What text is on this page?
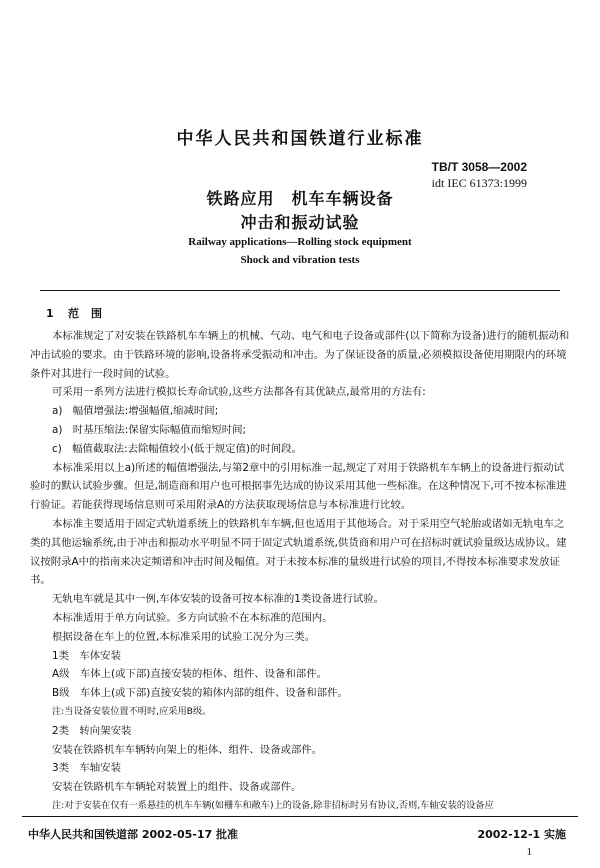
中华人民共和国铁道行业标准
TB/T 3058—2002
idt IEC 61373:1999
铁路应用　机车车辆设备
冲击和振动试验
Railway applications—Rolling stock equipment
Shock and vibration tests
1 范围

本标准规定了对安装在铁路机车车辆上的机械、气动、电气和电子设备或部件(以下简称为设备)进行的随机振动和冲击试验的要求。由于铁路环境的影响,设备将承受振动和冲击。为了保证设备的质量,必须模拟设备使用期限内的环境条件对其进行一段时间的试验。

可采用一系列方法进行模拟长寿命试验,这些方法都各有其优缺点,最常用的方法有:

a)　幅值增强法:增强幅值,缩减时间;

a)　时基压缩法:保留实际幅值而缩短时间;

c)　幅值截取法:去除幅值较小(低于规定值)的时间段。

本标准采用以上a)所述的幅值增强法,与第2章中的引用标准一起,规定了对用于铁路机车车辆上的设备进行振动试验时的默认试验步骤。但是,制造商和用户也可根据事先达成的协议采用其他一些标准。在这种情况下,可不按本标准进行验证。若能获得现场信息则可采用附录A的方法获取现场信息与本标准进行比较。

本标准主要适用于固定式轨道系统上的铁路机车车辆,但也适用于其他场合。对于采用空气轮胎或诸如无轨电车之类的其他运输系统,由于冲击和振动水平明显不同于固定式轨道系统,供货商和用户可在招标时就试验量级达成协议。建议按附录A中的指南来决定频谱和冲击时间及幅值。对于未按本标准的量级进行试验的项目,不得按本标准要求发放证书。

无轨电车就是其中一例,车体安装的设备可按本标准的1类设备进行试验。

本标准适用于单方向试验。多方向试验不在本标准的范围内。

根据设备在车上的位置,本标准采用的试验工况分为三类。

1类　车体安装

A级　车体上(或下部)直接安装的柜体、组件、设备和部件。

B级　车体上(或下部)直接安装的箱体内部的组件、设备和部件。

注:当设备安装位置不明时,应采用B级。

2类　转向架安装

安装在铁路机车车辆转向架上的柜体、组件、设备或部件。

3类　车轴安装

安装在铁路机车车辆轮对装置上的组件、设备或部件。

注:对于安装在仅有一系悬挂的机车车辆(如栅车和敞车)上的设备,除非招标时另有协议,否则,车轴安装的设备应

中华人民共和国铁道部 2002-05-17 批准	2002-12-1 实施
1
